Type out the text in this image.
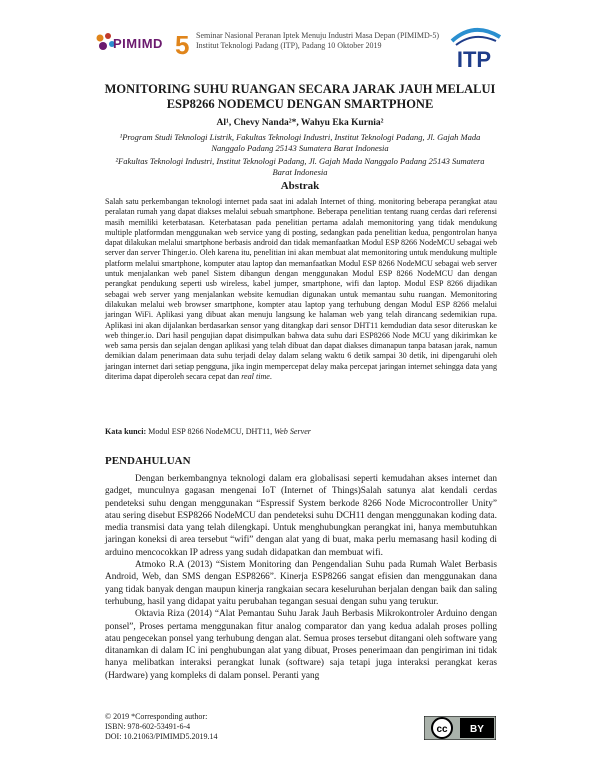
PIMIMD 5 Seminar Nasional Peranan Iptek Menuju Industri Masa Depan (PIMIMD-5)
Institut Teknologi Padang (ITP), Padang 10 Oktober 2019
ITP
MONITORING SUHU RUANGAN SECARA JARAK JAUH MELALUI ESP8266 NODEMCU DENGAN SMARTPHONE
Al¹, Chevy Nanda²*, Wahyu Eka Kurnia²
¹Program Studi Teknologi Listrik, Fakultas Teknologi Industri, Institut Teknologi Padang, Jl. Gajah Mada Nanggalo Padang 25143 Sumatera Barat Indonesia
²Fakultas Teknologi Industri, Institut Teknologi Padang, Jl. Gajah Mada Nanggalo Padang 25143 Sumatera Barat Indonesia
Abstrak
Salah satu perkembangan teknologi internet pada saat ini adalah Internet of thing. monitoring beberapa perangkat atau peralatan rumah yang dapat diakses melalui sebuah smartphone. Beberapa penelitian tentang ruang cerdas dari referensi masih memiliki keterbatasan. Keterbatasan pada penelitian pertama adalah memonitoring yang tidak mendukung multiple platformdan menggunakan web service yang di posting, sedangkan pada penelitian kedua, pengontrolan hanya dapat dilakukan melalui smartphone berbasis android dan tidak memanfaatkan Modul ESP 8266 NodeMCU sebagai web server dan server Thinger.io. Oleh karena itu, penelitian ini akan membuat alat memonitoring untuk mendukung multiple platform melalui smartphone, komputer atau laptop dan memanfaatkan Modul ESP 8266 NodeMCU sebagai web server untuk menjalankan web panel Sistem dibangun dengan menggunakan Modul ESP 8266 NodeMCU dan dengan perangkat pendukung seperti usb wireless, kabel jumper, smartphone, wifi dan laptop. Modul ESP 8266 dijadikan sebagai web server yang menjalankan website kemudian digunakan untuk memantau suhu ruangan. Memonitoring dilakukan melalui web browser smartphone, kompter atau laptop yang terhubung dengan Modul ESP 8266 melalui jaringan WiFi. Aplikasi yang dibuat akan menuju langsung ke halaman web yang telah dirancang sedemikian rupa. Aplikasi ini akan dijalankan berdasarkan sensor yang ditangkap dari sensor DHT11 kemdudian data sesor diteruskan ke web thinger.io. Dari hasil pengujian dapat disimpulkan bahwa data suhu dari ESP8266 Node MCU yang dikirimkan ke web sama persis dan sejalan dengan aplikasi yang telah dibuat dan dapat diakses dimanapun tanpa batasan jarak, namun demikian dalam penerimaan data suhu terjadi delay dalam selang waktu 6 detik sampai 30 detik, ini dipengaruhi oleh jaringan internet dari setiap pengguna, jika ingin mempercepat delay maka percepat jaringan internet sehingga data yang diterima dapat diperoleh secara cepat dan real time.
Kata kunci: Modul ESP 8266 NodeMCU, DHT11, Web Server
PENDAHULUAN

Dengan berkembangnya teknologi dalam era globalisasi seperti kemudahan akses internet dan gadget, munculnya gagasan mengenai IoT (Internet of Things)Salah satunya alat kendali cerdas pendeteksi suhu dengan menggunakan “Espressif System berkode 8266 Node Microcontroller Unity” atau sering disebut ESP8266 NodeMCU dan pendeteksi suhu DCH11 dengan menggunakan koding data. media transmisi data yang telah dilengkapi. Untuk menghubungkan perangkat ini, hanya membutuhkan jaringan koneksi di area tersebut “wifi” dengan alat yang di buat, maka perlu memasang hasil koding di arduino mencocokkan IP adress yang sudah didapatkan dan membuat wifi.

Atmoko R.A (2013) “Sistem Monitoring dan Pengendalian Suhu pada Rumah Walet Berbasis Android, Web, dan SMS dengan ESP8266”. Kinerja ESP8266 sangat efisien dan menggunakan dana yang tidak banyak dengan maupun kinerja rangkaian secara keseluruhan berjalan dengan baik dan saling terhubung, hasil yang didapat yaitu perubahan tegangan sesuai dengan suhu yang terukur.

Oktavia Riza (2014) “Alat Pemantau Suhu Jarak Jauh Berbasis Mikrokontroler Arduino dengan ponsel”, Proses pertama menggunakan fitur analog comparator dan yang kedua adalah proses polling atau pengecekan ponsel yang terhubung dengan alat. Semua proses tersebut ditangani oleh software yang ditanamkan di dalam IC ini penghubungan alat yang dibuat, Proses penerimaan dan pengiriman ini tidak hanya melibatkan interaksi perangkat lunak (software) saja tetapi juga interaksi perangkat keras (Hardware) yang kompleks di dalam ponsel. Peranti yang

© 2019 *Corresponding author:
ISBN: 978-602-53491-6-4
DOI: 10.21063/PIMIMD5.2019.14
cc BY
